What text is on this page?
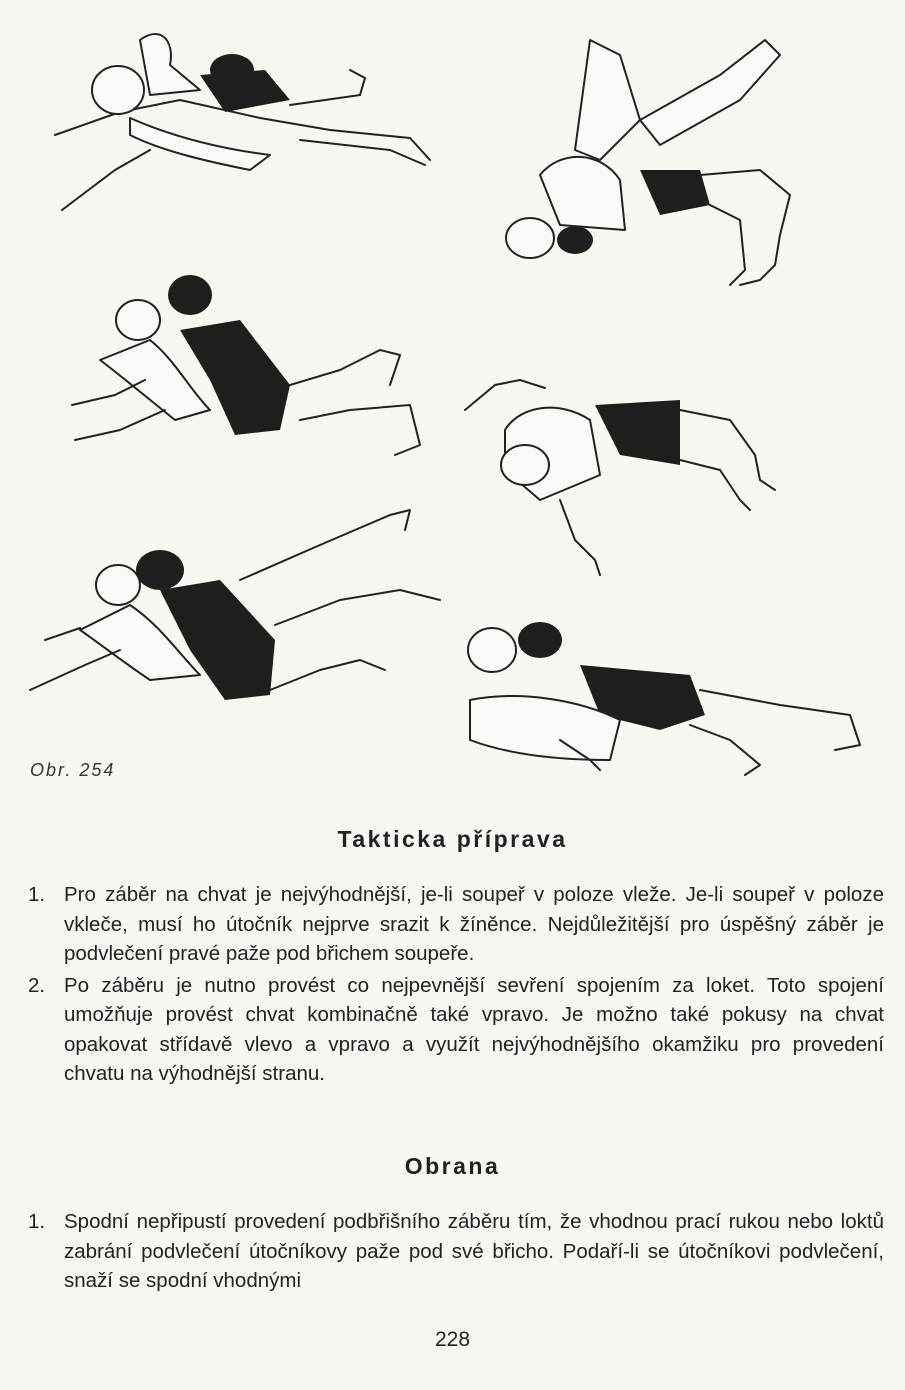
Obr. 254
Takticka příprava
1. Pro záběr na chvat je nejvýhodnější, je-li soupeř v poloze vleže. Je-li soupeř v poloze vkleče, musí ho útočník nejprve srazit k žíněnce. Nejdůležitější pro úspěšný záběr je podvlečení pravé paže pod břichem soupeře.
2. Po záběru je nutno provést co nejpevnější sevření spojením za loket. Toto spojení umožňuje provést chvat kombinačně také vpravo. Je možno také pokusy na chvat opakovat střídavě vlevo a vpravo a využít nejvýhodnějšího okamžiku pro provedení chvatu na výhodnější stranu.
Obrana
1. Spodní nepřipustí provedení podbřišního záběru tím, že vhodnou prací rukou nebo loktů zabrání podvlečení útočníkovy paže pod své břicho. Podaří-li se útočníkovi podvlečení, snaží se spodní vhodnými
228
